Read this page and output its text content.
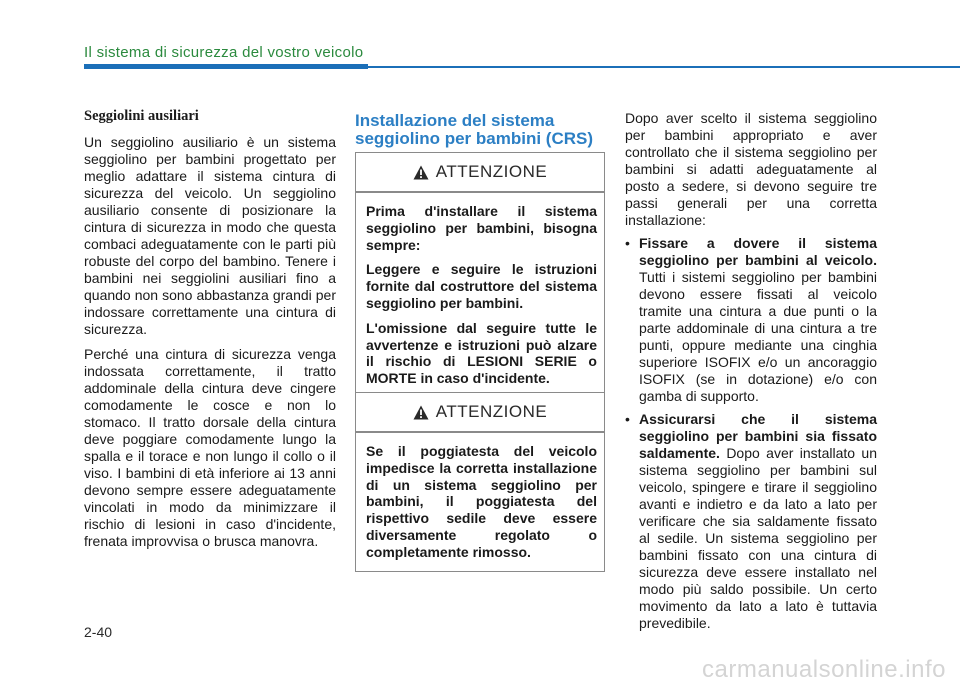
Il sistema di sicurezza del vostro veicolo
Seggiolini ausiliari

Un seggiolino ausiliario è un sistema seggiolino per bambini progettato per meglio adattare il sistema cintura di sicurezza del veicolo. Un seggiolino ausiliario consente di posizionare la cintura di sicurezza in modo che questa combaci adeguatamente con le parti più robuste del corpo del bambino. Tenere i bambini nei seggiolini ausiliari fino a quando non sono abbastanza grandi per indossare correttamente una cintura di sicurezza.

Perché una cintura di sicurezza venga indossata correttamente, il tratto addominale della cintura deve cingere comodamente le cosce e non lo stomaco. Il tratto dorsale della cintura deve poggiare comodamente lungo la spalla e il torace e non lungo il collo o il viso. I bambini di età inferiore ai 13 anni devono sempre essere adeguatamente vincolati in modo da minimizzare il rischio di lesioni in caso d'incidente, frenata improvvisa o brusca manovra.

Installazione del sistema seggiolino per bambini (CRS)
ATTENZIONE

Prima d'installare il sistema seggiolino per bambini, bisogna sempre:

Leggere e seguire le istruzioni fornite dal costruttore del sistema seggiolino per bambini.

L'omissione dal seguire tutte le avvertenze e istruzioni può alzare il rischio di LESIONI SERIE o MORTE in caso d'incidente.

ATTENZIONE

Se il poggiatesta del veicolo impedisce la corretta installazione di un sistema seggiolino per bambini, il poggiatesta del rispettivo sedile deve essere diversamente regolato o completamente rimosso.

Dopo aver scelto il sistema seggiolino per bambini appropriato e aver controllato che il sistema seggiolino per bambini si adatti adeguatamente al posto a sedere, si devono seguire tre passi generali per una corretta installazione:

• Fissare a dovere il sistema seggiolino per bambini al veicolo. Tutti i sistemi seggiolino per bambini devono essere fissati al veicolo tramite una cintura a due punti o la parte addominale di una cintura a tre punti, oppure mediante una cinghia superiore ISOFIX e/o un ancoraggio ISOFIX (se in dotazione) e/o con gamba di supporto.
• Assicurarsi che il sistema seggiolino per bambini sia fissato saldamente. Dopo aver installato un sistema seggiolino per bambini sul veicolo, spingere e tirare il seggiolino avanti e indietro e da lato a lato per verificare che sia saldamente fissato al sedile. Un sistema seggiolino per bambini fissato con una cintura di sicurezza deve essere installato nel modo più saldo possibile. Un certo movimento da lato a lato è tuttavia prevedibile.
2-40
carmanualsonline.info
